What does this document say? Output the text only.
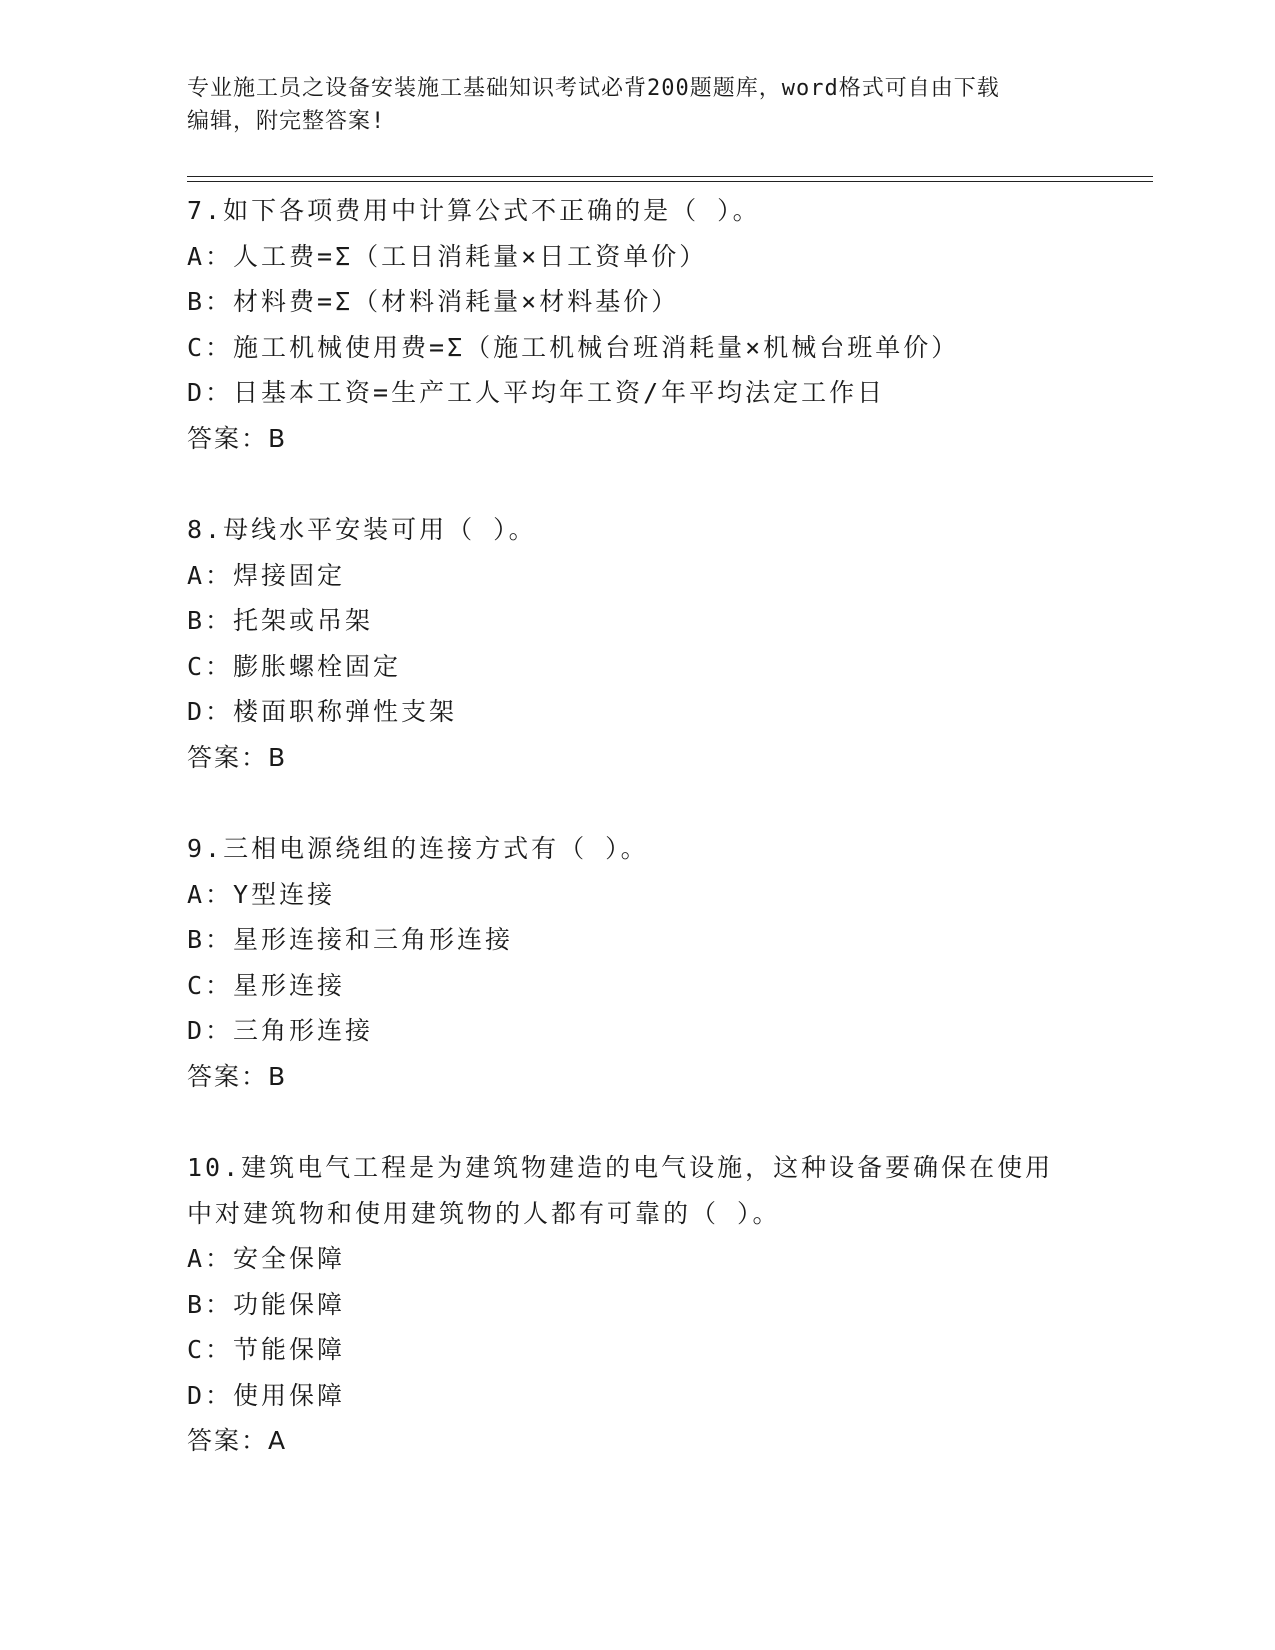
专业施工员之设备安装施工基础知识考试必背200题题库，word格式可自由下载
编辑，附完整答案!
7.如下各项费用中计算公式不正确的是（ ）。
A：人工费=Σ（工日消耗量×日工资单价）
B：材料费=Σ（材料消耗量×材料基价）
C：施工机械使用费=Σ（施工机械台班消耗量×机械台班单价）
D：日基本工资=生产工人平均年工资/年平均法定工作日
答案：B
8.母线水平安装可用（ ）。
A：焊接固定
B：托架或吊架
C：膨胀螺栓固定
D：楼面职称弹性支架
答案：B
9.三相电源绕组的连接方式有（ ）。
A：Y型连接
B：星形连接和三角形连接
C：星形连接
D：三角形连接
答案：B
10.建筑电气工程是为建筑物建造的电气设施，这种设备要确保在使用中对建筑物和使用建筑物的人都有可靠的（ ）。
A：安全保障
B：功能保障
C：节能保障
D：使用保障
答案：A
